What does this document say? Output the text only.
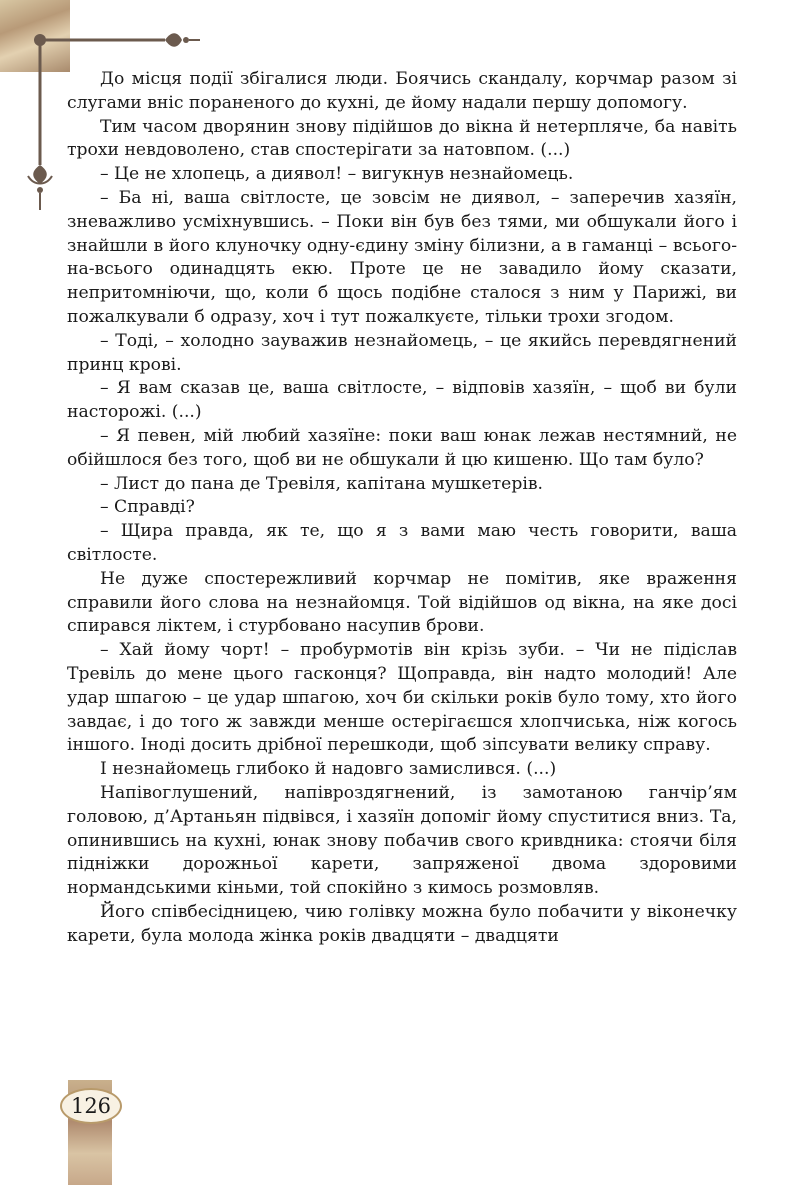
До місця події збігалися люди. Боячись скандалу, корчмар разом зі слугами вніс пораненого до кухні, де йому надали першу допомогу.

Тим часом дворянин знову підійшов до вікна й нетерпляче, ба навіть трохи невдоволено, став спостерігати за натовпом. (...)

– Це не хлопець, а диявол! – вигукнув незнайомець.

– Ба ні, ваша світлосте, це зовсім не диявол, – заперечив хазяїн, зневажливо усміхнувшись. – Поки він був без тями, ми обшукали його і знайшли в його клуночку одну-єдину зміну білизни, а в гаманці – всього-на-всього одинадцять екю. Проте це не завадило йому сказати, непритомніючи, що, коли б щось подібне сталося з ним у Парижі, ви пожалкували б одразу, хоч і тут пожалкуєте, тільки трохи згодом.

– Тоді, – холодно зауважив незнайомець, – це якийсь перевдягнений принц крові.

– Я вам сказав це, ваша світлосте, – відповів хазяїн, – щоб ви були насторожі. (...)

– Я певен, мій любий хазяїне: поки ваш юнак лежав нестямний, не обійшлося без того, щоб ви не обшукали й цю кишеню. Що там було?

– Лист до пана де Тревіля, капітана мушкетерів.

– Справді?

– Щира правда, як те, що я з вами маю честь говорити, ваша світлосте.

Не дуже спостережливий корчмар не помітив, яке враження справили його слова на незнайомця. Той відійшов од вікна, на яке досі спирався ліктем, і стурбовано насупив брови.

– Хай йому чорт! – пробурмотів він крізь зуби. – Чи не підіслав Тревіль до мене цього гасконця? Щоправда, він надто молодий! Але удар шпагою – це удар шпагою, хоч би скільки років було тому, хто його завдає, і до того ж завжди менше остерігаєшся хлопчиська, ніж когось іншого. Іноді досить дрібної перешкоди, щоб зіпсувати велику справу.

І незнайомець глибоко й надовго замислився. (...)

Напівоглушений, напівроздягнений, із замотаною ганчір’ям головою, д’Артаньян підвівся, і хазяїн допоміг йому спуститися вниз. Та, опинившись на кухні, юнак знову побачив свого кривдника: стоячи біля підніжки дорожньої карети, запряженої двома здоровими нормандськими кіньми, той спокійно з кимось розмовляв.

Його співбесідницею, чию голівку можна було побачити у віконечку карети, була молода жінка років двадцяти – двадцяти

126
